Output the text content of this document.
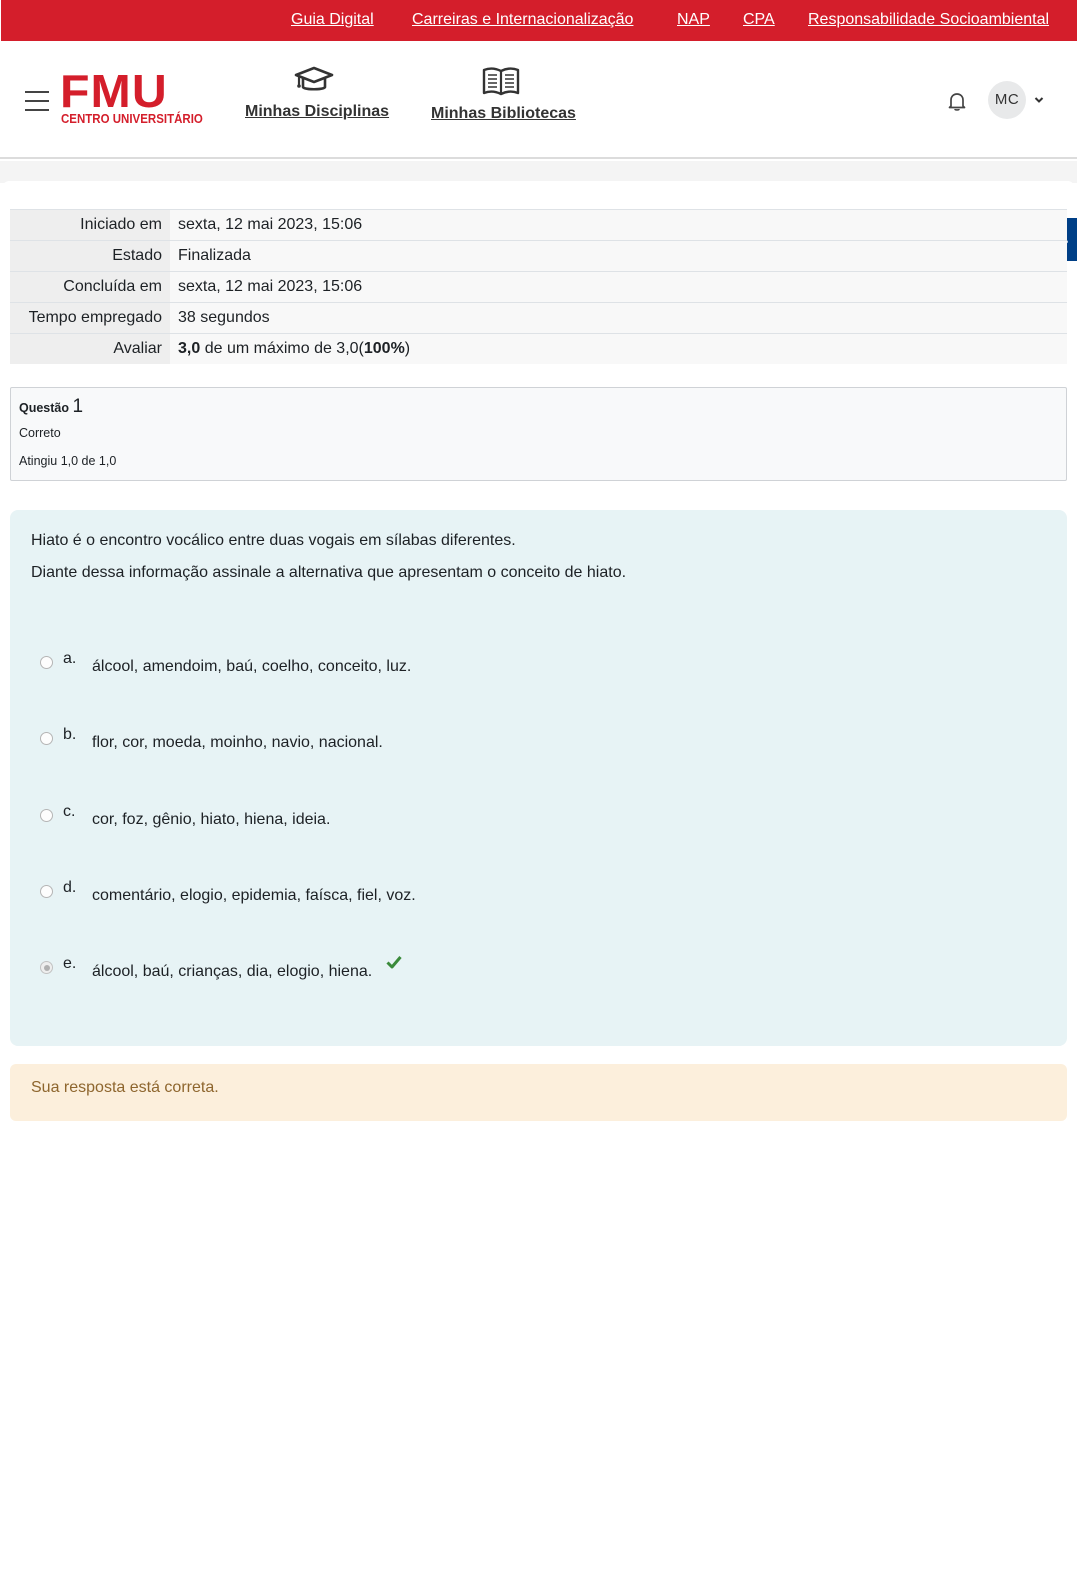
Guia Digital Carreiras e Internacionalização	NAP CPA Responsabilidade Socioambiental
FMU
CENTRO UNIVERSITÁRIO	Minhas Disciplinas	Minhas Bibliotecas
MC
Iniciado em	sexta, 12 mai 2023, 15:06
Estado	Finalizada
Concluída em	sexta, 12 mai 2023, 15:06
Tempo empregado	38 segundos
Avaliar	3,0 de um máximo de 3,0(100%)
Questão 1
Correto
Atingiu 1,0 de 1,0
Hiato é o encontro vocálico entre duas vogais em sílabas diferentes.
Diante dessa informação assinale a alternativa que apresentam o conceito de hiato.
a. álcool, amendoim, baú, coelho, conceito, luz.
b. flor, cor, moeda, moinho, navio, nacional.
c. cor, foz, gênio, hiato, hiena, ideia.
d. comentário, elogio, epidemia, faísca, fiel, voz.
e. álcool, baú, crianças, dia, elogio, hiena.
Sua resposta está correta.
